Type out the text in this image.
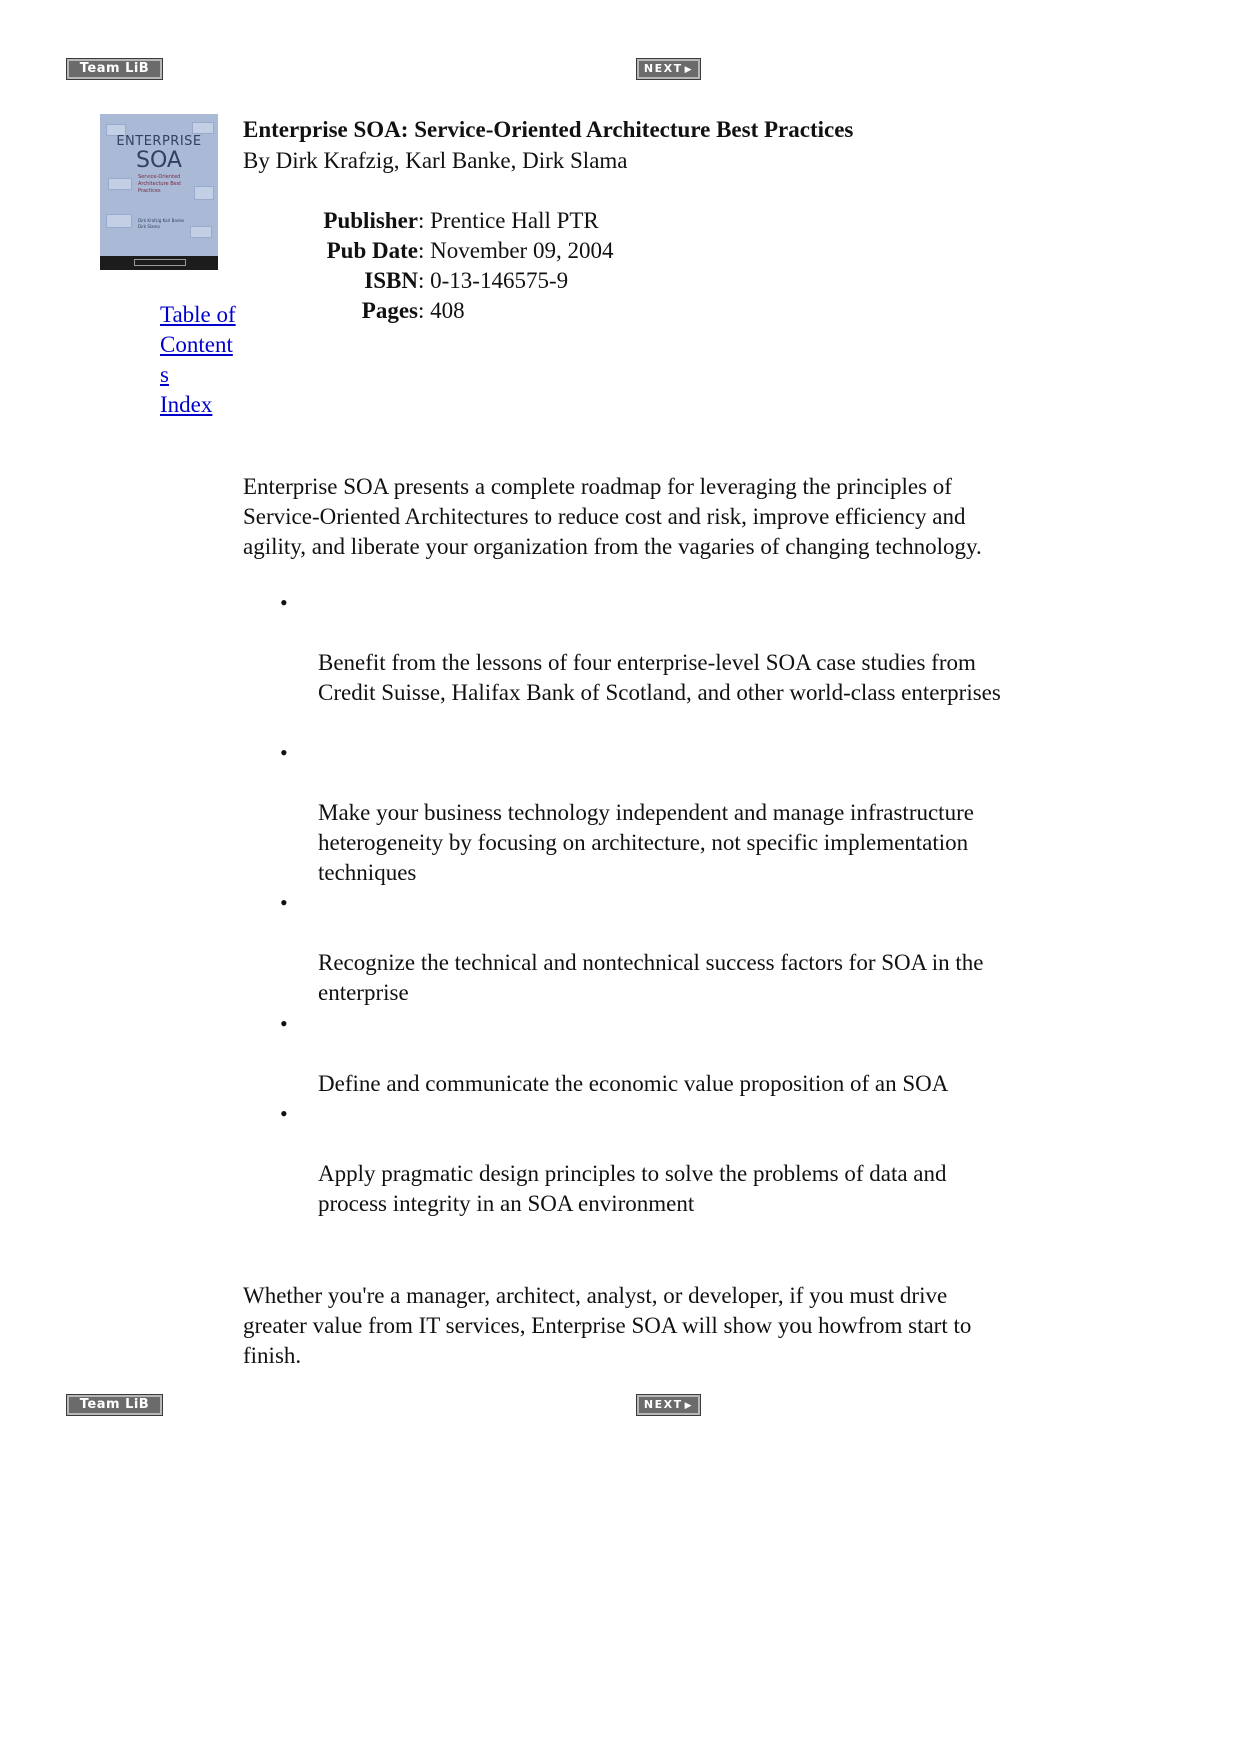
Team LiB	NEXT ▶
ENTERPRISE
SOA
Service-Oriented Architecture Best Practices
Dirk Krafzig Karl Banke Dirk Slama
Enterprise SOA: Service-Oriented Architecture Best Practices

By Dirk Krafzig, Karl Banke, Dirk Slama

Publisher	:	Prentice Hall PTR
Pub Date	:	November 09, 2004
ISBN	:	0-13-146575-9
Pages	:	408
Table of Contents
Index

Enterprise SOA presents a complete roadmap for leveraging the principles of Service-Oriented Architectures to reduce cost and risk, improve efficiency and agility, and liberate your organization from the vagaries of changing technology.

•

Benefit from the lessons of four enterprise-level SOA case studies from Credit Suisse, Halifax Bank of Scotland, and other world-class enterprises

•

Make your business technology independent and manage infrastructure heterogeneity by focusing on architecture, not specific implementation techniques

•

Recognize the technical and nontechnical success factors for SOA in the enterprise

•

Define and communicate the economic value proposition of an SOA

•

Apply pragmatic design principles to solve the problems of data and process integrity in an SOA environment

Whether you're a manager, architect, analyst, or developer, if you must drive greater value from IT services, Enterprise SOA will show you howfrom start to finish.

Team LiB	NEXT ▶
